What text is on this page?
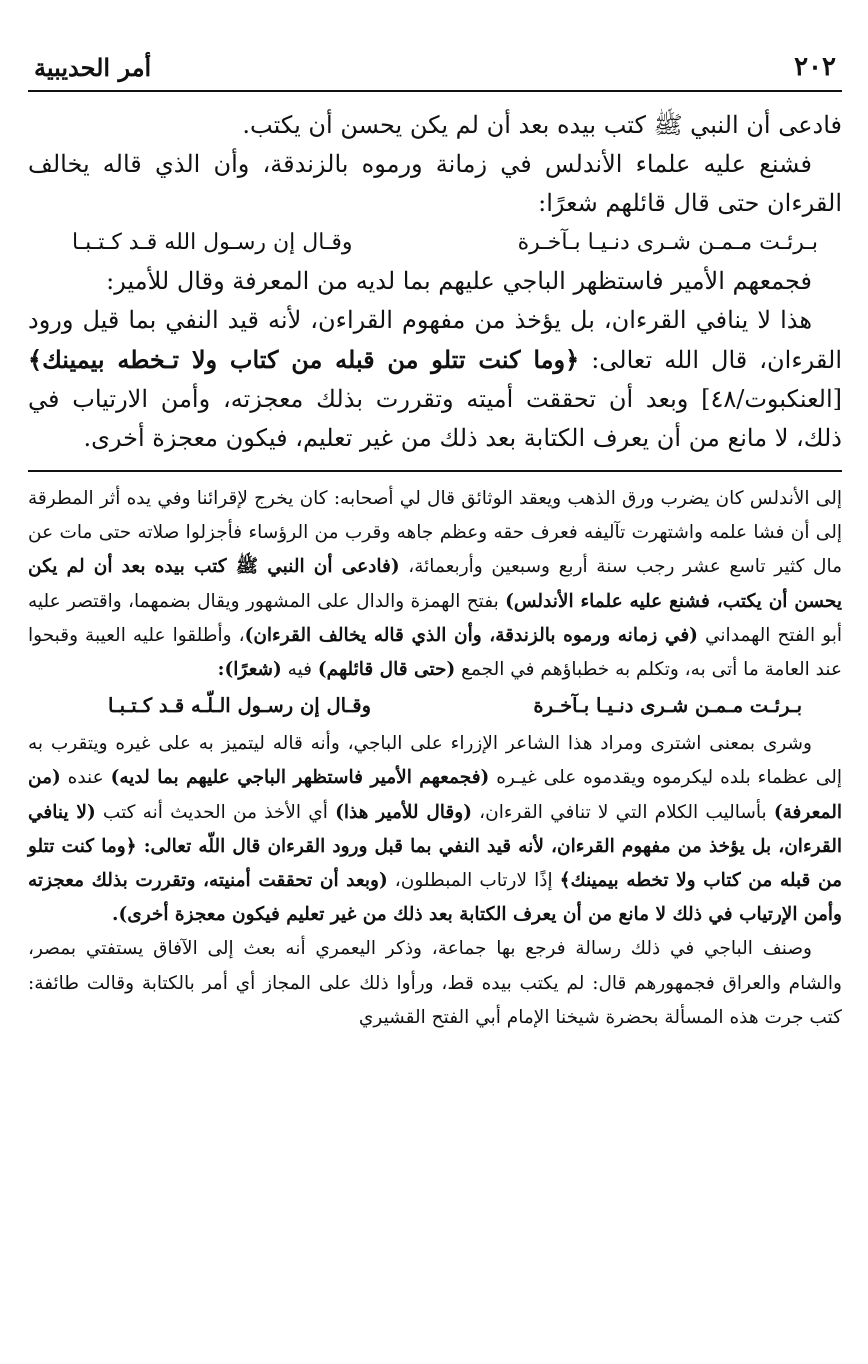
٢٠٢
أمر الحديبية

فادعى أن النبي ﷺ كتب بيده بعد أن لم يكن يحسن أن يكتب.

فشنع عليه علماء الأندلس في زمانة ورموه بالزندقة، وأن الذي قاله يخالف القرءان حتى قال قائلهم شعرًا:

بـرئـت مـمـن شـرى دنـيـا بـآخـرة
وقـال إن رسـول الله قـد كـتـبـا

فجمعهم الأمير فاستظهر الباجي عليهم بما لديه من المعرفة وقال للأمير:

هذا لا ينافي القرءان، بل يؤخذ من مفهوم القراءن، لأنه قيد النفي بما قيل ورود القرءان، قال الله تعالى: ﴿وما كنت تتلو من قبله من كتاب ولا تـخطه بيمينك﴾ [العنكبوت/٤٨] وبعد أن تحققت أميته وتقررت بذلك معجزته، وأمن الارتياب في ذلك، لا مانع من أن يعرف الكتابة بعد ذلك من غير تعليم، فيكون معجزة أخرى.

إلى الأندلس كان يضرب ورق الذهب ويعقد الوثائق قال لي أصحابه: كان يخرج لإقرائنا وفي يده أثر المطرقة إلى أن فشا علمه واشتهرت تآليفه فعرف حقه وعظم جاهه وقرب من الرؤساء فأجزلوا صلاته حتى مات عن مال كثير تاسع عشر رجب سنة أربع وسبعين وأربعمائة، (فادعى أن النبي ﷺ كتب بيده بعد أن لم يكن يحسن أن يكتب، فشنع عليه علماء الأندلس) بفتح الهمزة والدال على المشهور ويقال بضمهما، واقتصر عليه أبو الفتح الهمداني (في زمانه ورموه بالزندقة، وأن الذي قاله يخالف القرءان)، وأطلقوا عليه العيبة وقبحوا عند العامة ما أتى به، وتكلم به خطباؤهم في الجمع (حتى قال قائلهم) فيه (شعرًا):

بـرئـت مـمـن شـرى دنـيـا بـآخـرة
وقـال إن رسـول الـلّـه قـد كـتـبـا

وشرى بمعنى اشترى ومراد هذا الشاعر الإزراء على الباجي، وأنه قاله ليتميز به على غيره ويتقرب به إلى عظماء بلده ليكرموه ويقدموه على غيـره (فجمعهم الأمير فاستظهر الباجي عليهم بما لديه) عنده (من المعرفة) بأساليب الكلام التي لا تنافي القرءان، (وقال للأمير هذا) أي الأخذ من الحديث أنه كتب (لا ينافي القرءان، بل يؤخذ من مفهوم القرءان، لأنه قيد النفي بما قبل ورود القرءان قال اللّه تعالى: ﴿وما كنت تتلو من قبله من كتاب ولا تخطه بيمينك﴾ إذًا لارتاب المبطلون، (وبعد أن تحققت أمنيته، وتقررت بذلك معجزته وأمن الإرتياب في ذلك لا مانع من أن يعرف الكتابة بعد ذلك من غير تعليم فيكون معجزة أخرى).

وصنف الباجي في ذلك رسالة فرجع بها جماعة، وذكر اليعمري أنه بعث إلى الآفاق يستفتي بمصر، والشام والعراق فجمهورهم قال: لم يكتب بيده قط، ورأوا ذلك على المجاز أي أمر بالكتابة وقالت طائفة: كتب جرت هذه المسألة بحضرة شيخنا الإمام أبي الفتح القشيري
